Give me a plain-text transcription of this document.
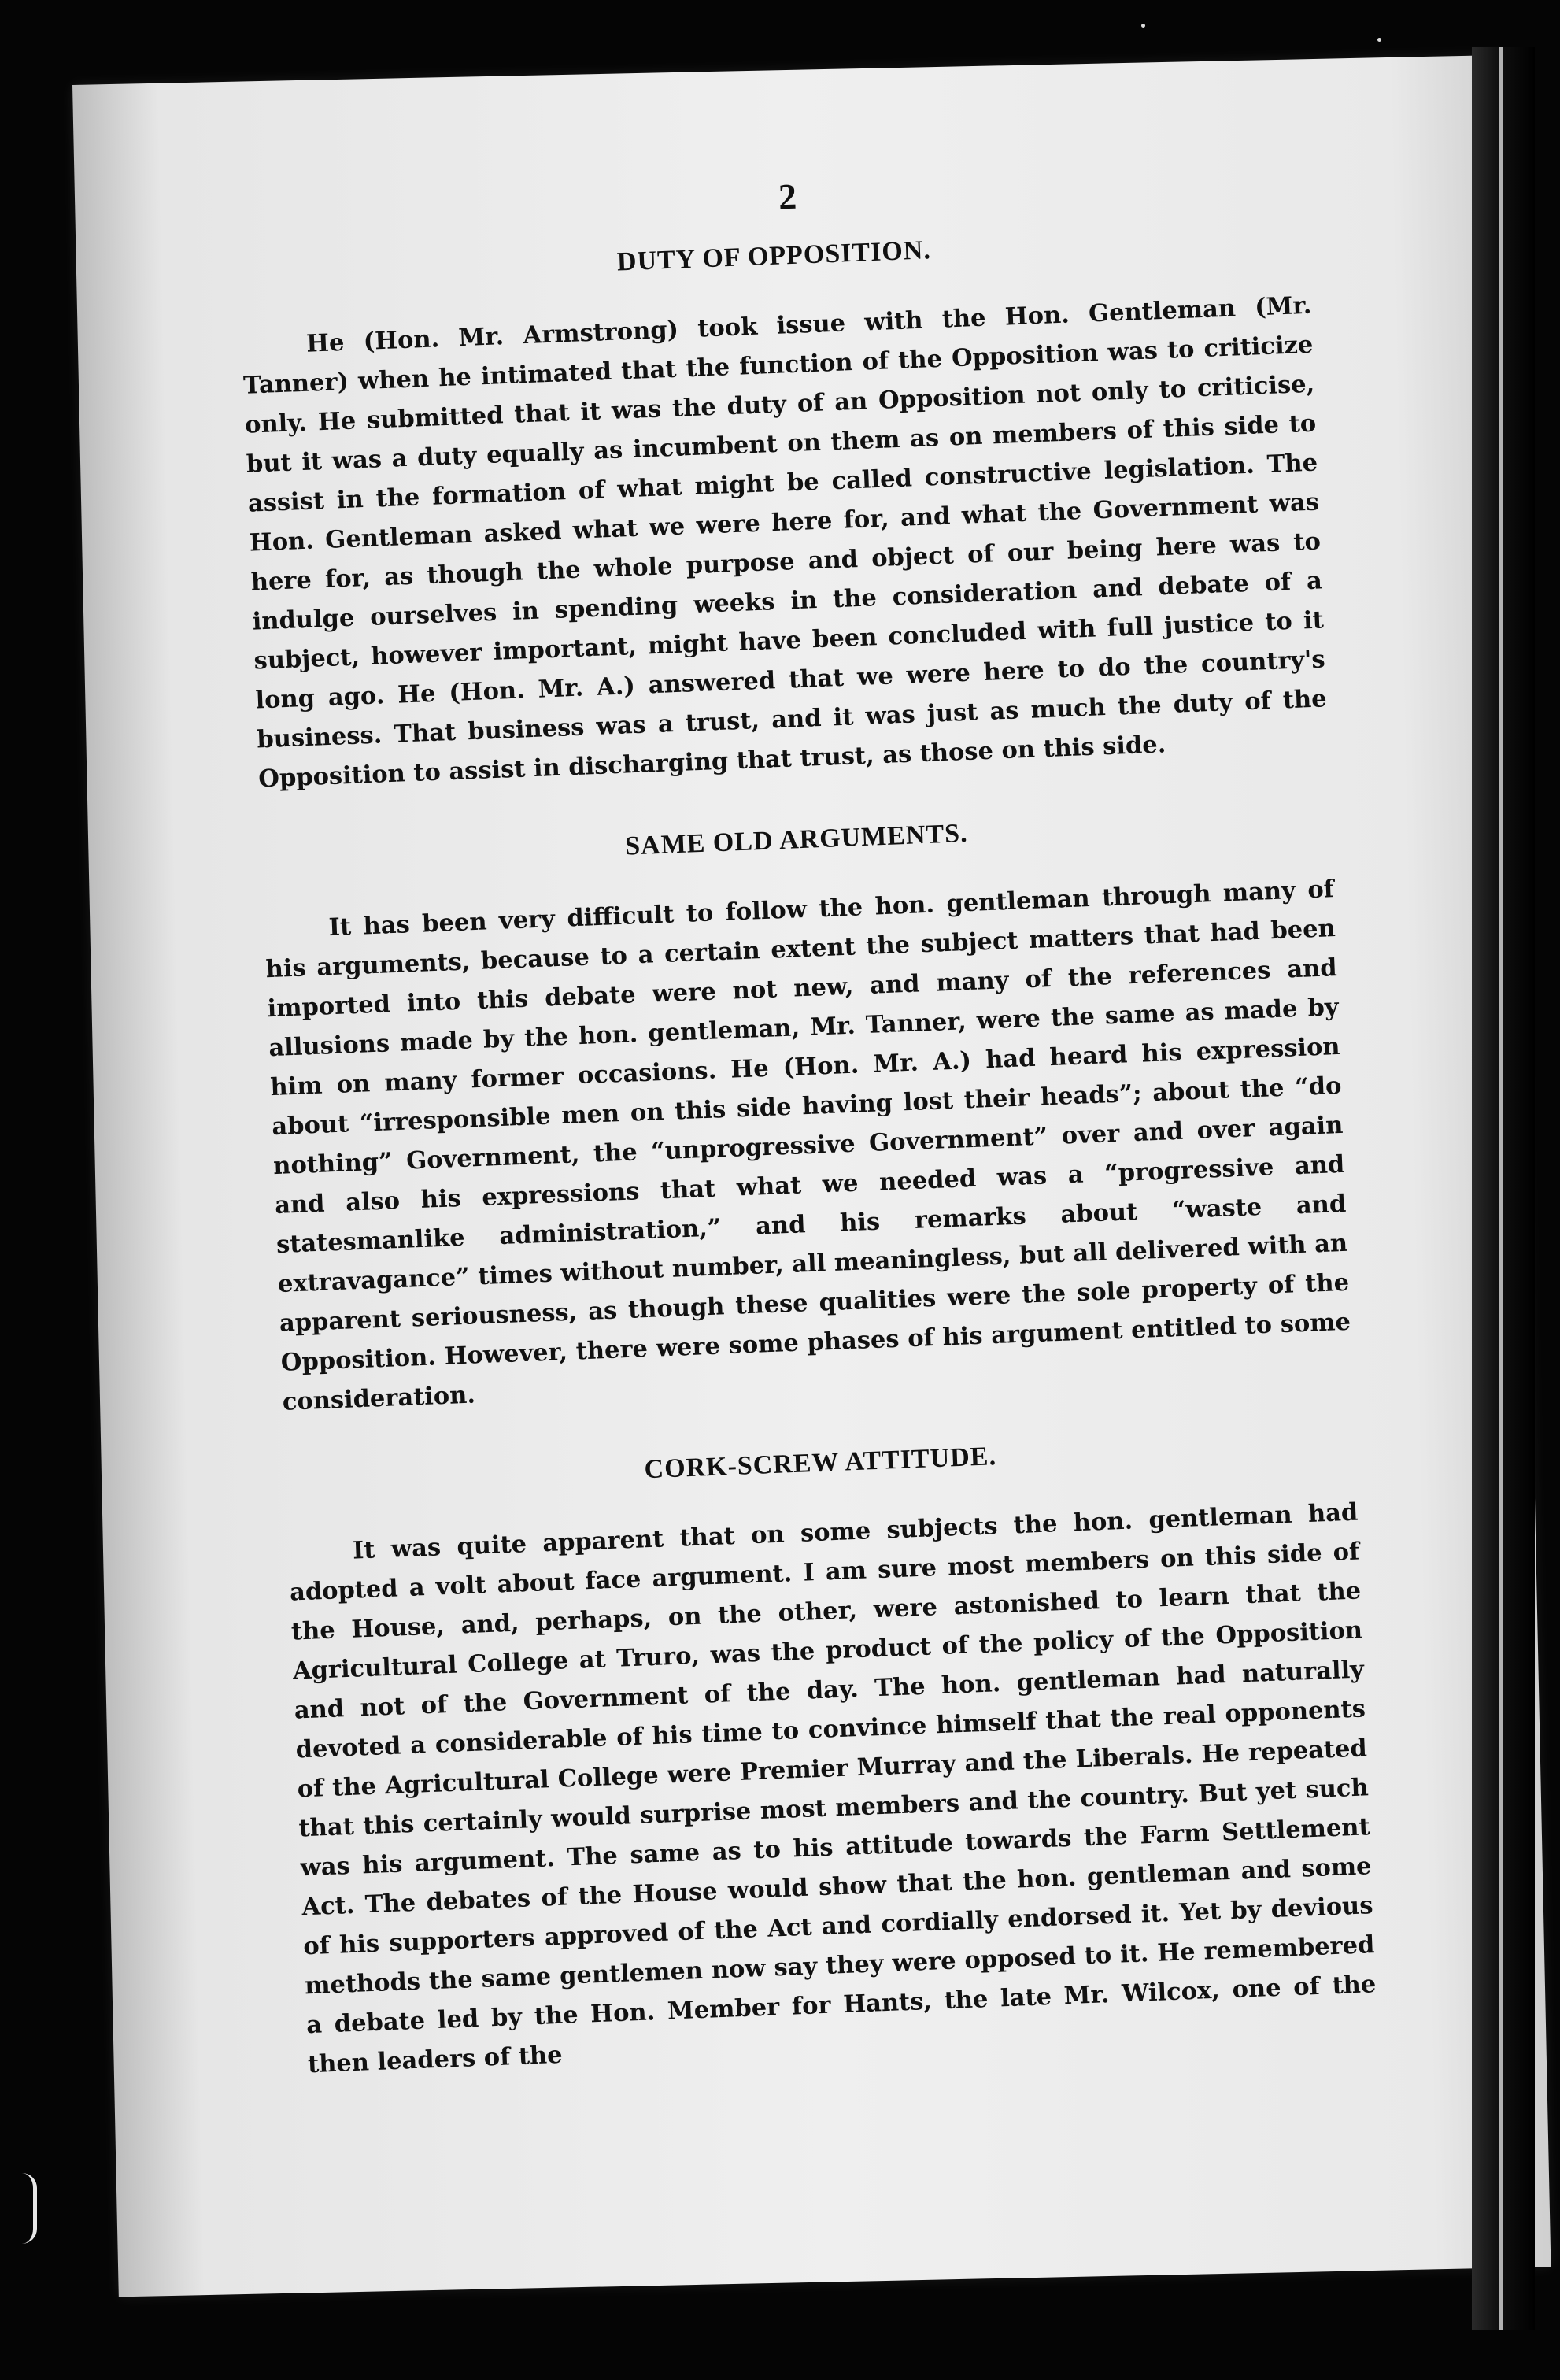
2
DUTY OF OPPOSITION.

He (Hon. Mr. Armstrong) took issue with the Hon. Gentleman (Mr. Tanner) when he intimated that the function of the Opposition was to criticize only. He submitted that it was the duty of an Opposition not only to criticise, but it was a duty equally as incumbent on them as on members of this side to assist in the formation of what might be called constructive legislation. The Hon. Gentleman asked what we were here for, and what the Government was here for, as though the whole purpose and object of our being here was to indulge ourselves in spending weeks in the consideration and debate of a subject, however important, might have been concluded with full justice to it long ago. He (Hon. Mr. A.) answered that we were here to do the country's business. That business was a trust, and it was just as much the duty of the Opposition to assist in discharging that trust, as those on this side.

SAME OLD ARGUMENTS.

It has been very difficult to follow the hon. gentleman through many of his arguments, because to a certain extent the subject matters that had been imported into this debate were not new, and many of the references and allusions made by the hon. gentleman, Mr. Tanner, were the same as made by him on many former occasions. He (Hon. Mr. A.) had heard his expression about “irresponsible men on this side having lost their heads”; about the “do nothing” Government, the “unprogressive Government” over and over again and also his expressions that what we needed was a “progressive and statesmanlike administration,” and his remarks about “waste and extravagance” times without number, all meaningless, but all delivered with an apparent seriousness, as though these qualities were the sole property of the Opposition. However, there were some phases of his argument entitled to some consideration.

CORK-SCREW ATTITUDE.

It was quite apparent that on some subjects the hon. gentleman had adopted a volt about face argument. I am sure most members on this side of the House, and, perhaps, on the other, were astonished to learn that the Agricultural College at Truro, was the product of the policy of the Opposition and not of the Government of the day. The hon. gentleman had naturally devoted a considerable of his time to convince himself that the real opponents of the Agricultural College were Premier Murray and the Liberals. He repeated that this certainly would surprise most members and the country. But yet such was his argument. The same as to his attitude towards the Farm Settlement Act. The debates of the House would show that the hon. gentleman and some of his supporters approved of the Act and cordially endorsed it. Yet by devious methods the same gentlemen now say they were opposed to it. He remembered a debate led by the Hon. Member for Hants, the late Mr. Wilcox, one of the then leaders of the
